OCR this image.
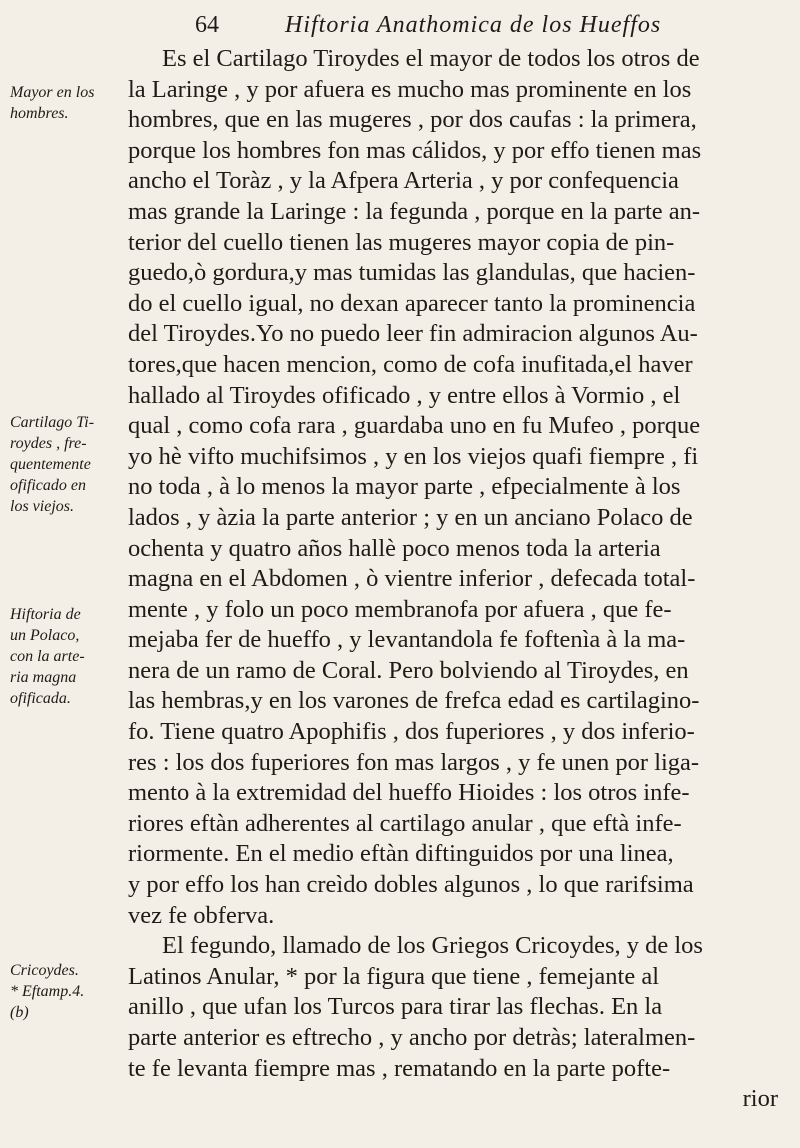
64	Hiftoria Anathomica de los Hueffos
Mayor en los
hombres.
Cartilago Ti-
roydes , fre-
quentemente
ofificado en
los viejos.
Hiftoria de
un Polaco,
con la arte-
ria magna
ofificada.
Cricoydes.
* Eftamp.4.
(b)
Es el Cartilago Tiroydes el mayor de todos los otros de
la Laringe , y por afuera es mucho mas prominente en los
hombres, que en las mugeres , por dos caufas : la primera,
porque los hombres fon mas cálidos, y por effo tienen mas
ancho el Toràz , y la Afpera Arteria , y por confequencia
mas grande la Laringe : la fegunda , porque en la parte an-
terior del cuello tienen las mugeres mayor copia de pin-
guedo,ò gordura,y mas tumidas las glandulas, que hacien-
do el cuello igual, no dexan aparecer tanto la prominencia
del Tiroydes.Yo no puedo leer fin admiracion algunos Au-
tores,que hacen mencion, como de cofa inufitada,el haver
hallado al Tiroydes ofificado , y entre ellos à Vormio , el
qual , como cofa rara , guardaba uno en fu Mufeo , porque
yo hè vifto muchifsimos , y en los viejos quafi fiempre , fi
no toda , à lo menos la mayor parte , efpecialmente à los
lados , y àzia la parte anterior ; y en un anciano Polaco de
ochenta y quatro años hallè poco menos toda la arteria
magna en el Abdomen , ò vientre inferior , defecada total-
mente , y folo un poco membranofa por afuera , que fe-
mejaba fer de hueffo , y levantandola fe foftenìa à la ma-
nera de un ramo de Coral. Pero bolviendo al Tiroydes, en
las hembras,y en los varones de frefca edad es cartilagino-
fo. Tiene quatro Apophifis , dos fuperiores , y dos inferio-
res : los dos fuperiores fon mas largos , y fe unen por liga-
mento à la extremidad del hueffo Hioides : los otros infe-
riores eftàn adherentes al cartilago anular , que eftà infe-
riormente. En el medio eftàn diftinguidos por una linea,
y por effo los han creìdo dobles algunos , lo que rarifsima
vez fe obferva.
El fegundo, llamado de los Griegos Cricoydes, y de los
Latinos Anular, * por la figura que tiene , femejante al
anillo , que ufan los Turcos para tirar las flechas. En la
parte anterior es eftrecho , y ancho por detràs; lateralmen-
te fe levanta fiempre mas , rematando en la parte pofte-
rior
